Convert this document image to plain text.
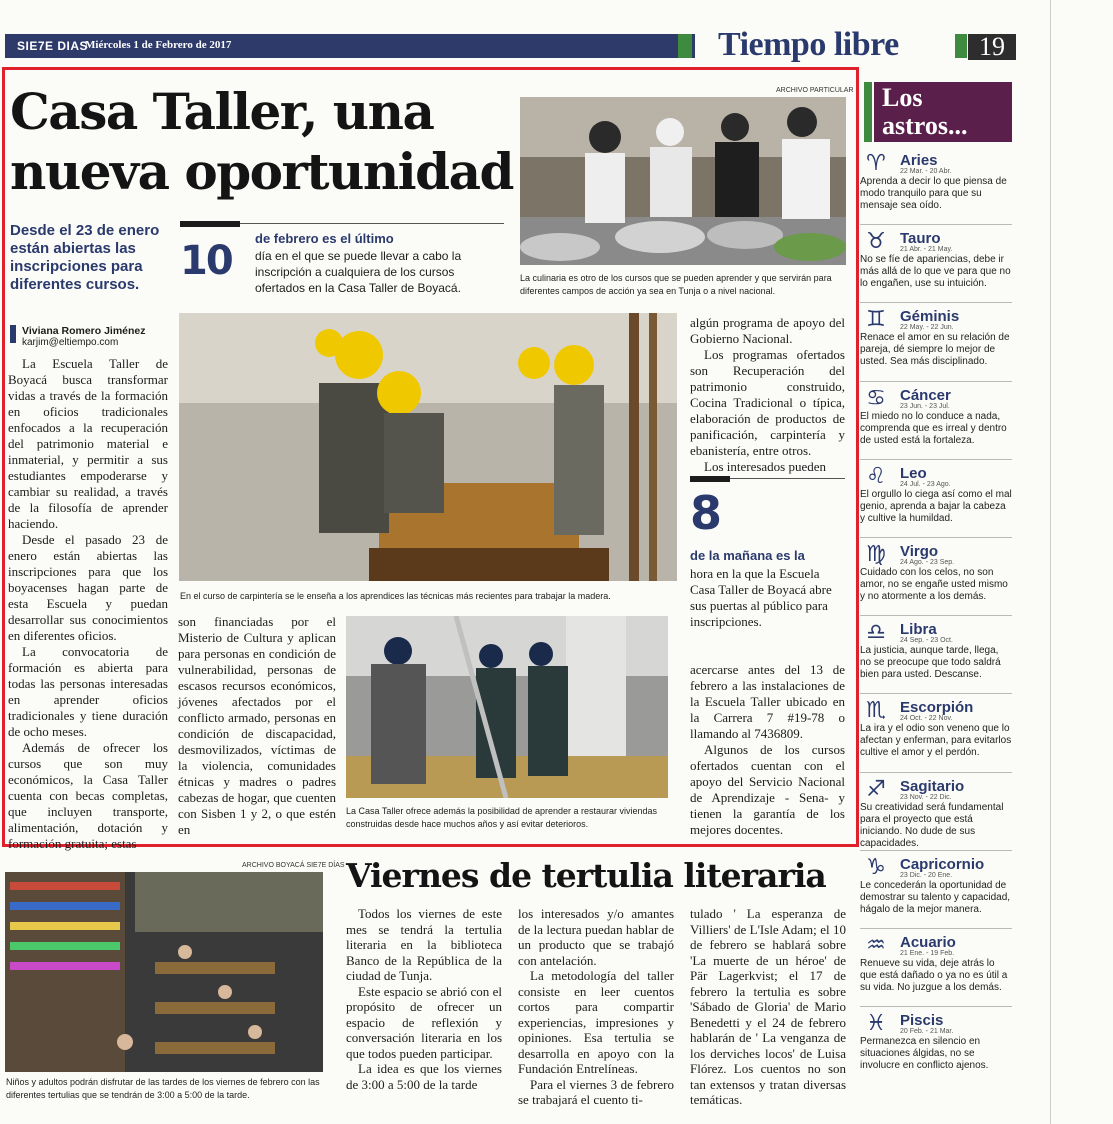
SIE7E DIAS
Miércoles 1 de Febrero de 2017	Tiempo libre	19
Casa Taller, una nueva oportunidad
Desde el 23 de enero están abiertas las inscripciones para diferentes cursos.
Viviana Romero Jiménez
karjim@eltiempo.com
10 de febrero es el último
día en el que se puede llevar a cabo la inscripción a cualquiera de los cursos ofertados en la Casa Taller de Boyacá.
ARCHIVO PARTICULAR
La culinaria es otro de los cursos que se pueden aprender y que servirán para diferentes campos de acción ya sea en Tunja o a nivel nacional.
En el curso de carpintería se le enseña a los aprendices las técnicas más recientes para trabajar la madera.
La Casa Taller ofrece además la posibilidad de aprender a restaurar viviendas construidas desde hace muchos años y así evitar deterioros.

La Escuela Taller de Boyacá busca transformar vidas a través de la formación en oficios tradicionales enfocados a la recuperación del patrimonio material e inmaterial, y permitir a sus estudiantes empoderarse y cambiar su realidad, a través de la filosofía de aprender haciendo.

Desde el pasado 23 de enero están abiertas las inscripciones para que los boyacenses hagan parte de esta Escuela y puedan desarrollar sus conocimientos en diferentes oficios.

La convocatoria de formación es abierta para todas las personas interesadas en aprender oficios tradicionales y tiene duración de ocho meses.

Además de ofrecer los cursos que son muy económicos, la Casa Taller cuenta con becas completas, que incluyen transporte, alimentación, dotación y formación gratuita; estas

son financiadas por el Misterio de Cultura y aplican para personas en condición de vulnerabilidad, personas de escasos recursos económicos, jóvenes afectados por el conflicto armado, personas en condición de discapacidad, desmovilizados, víctimas de la violencia, comunidades étnicas y madres o padres cabezas de hogar, que cuenten con Sisben 1 y 2, o que estén en

algún programa de apoyo del Gobierno Nacional.

Los programas ofertados son Recuperación del patrimonio construido, Cocina Tradicional o típica, elaboración de productos de panificación, carpintería y ebanistería, entre otros.

Los interesados pueden

8
de la mañana es la
hora en la que la Escuela Casa Taller de Boyacá abre sus puertas al público para inscripciones.

acercarse antes del 13 de febrero a las instalaciones de la Escuela Taller ubicado en la Carrera 7 #19-78 o llamando al 7436809.

Algunos de los cursos ofertados cuentan con el apoyo del Servicio Nacional de Aprendizaje - Sena- y tienen la garantía de los mejores docentes.

Los
astros...
♈ Aries
22 Mar. - 20 Abr.
Aprenda a decir lo que piensa de modo tranquilo para que su mensaje sea oído.
♉ Tauro
21 Abr. - 21 May.
No se fíe de apariencias, debe ir más allá de lo que ve para que no lo engañen, use su intuición.
♊ Géminis
22 May. - 22 Jun.
Renace el amor en su relación de pareja, dé siempre lo mejor de usted. Sea más disciplinado.
♋ Cáncer
23 Jun. - 23 Jul.
El miedo no lo conduce a nada, comprenda que es irreal y dentro de usted está la fortaleza.
♌ Leo
24 Jul. - 23 Ago.
El orgullo lo ciega así como el mal genio, aprenda a bajar la cabeza y cultive la humildad.
♍ Virgo
24 Ago. - 23 Sep.
Cuidado con los celos, no son amor, no se engañe usted mismo y no atormente a los demás.
♎ Libra
24 Sep. - 23 Oct.
La justicia, aunque tarde, llega, no se preocupe que todo saldrá bien para usted. Descanse.
♏ Escorpión
24 Oct. - 22 Nov.
La ira y el odio son veneno que lo afectan y enferman, para evitarlos cultive el amor y el perdón.
♐ Sagitario
23 Nov. - 22 Dic.
Su creatividad será fundamental para el proyecto que está iniciando. No dude de sus capacidades.
♑ Capricornio
23 Dic. - 20 Ene.
Le concederán la oportunidad de demostrar su talento y capacidad, hágalo de la mejor manera.
♒ Acuario
21 Ene. - 19 Feb.
Renueve su vida, deje atrás lo que está dañado o ya no es útil a su vida. No juzgue a los demás.
♓ Piscis
20 Feb. - 21 Mar.
Permanezca en silencio en situaciones álgidas, no se involucre en conflicto ajenos.
ARCHIVO BOYACÁ SIE7E DÍAS
Niños y adultos podrán disfrutar de las tardes de los viernes de febrero con las diferentes tertulias que se tendrán de 3:00 a 5:00 de la tarde.
Viernes de tertulia literaria

Todos los viernes de este mes se tendrá la tertulia literaria en la biblioteca Banco de la República de la ciudad de Tunja.

Este espacio se abrió con el propósito de ofrecer un espacio de reflexión y conversación literaria en los que todos pueden participar.

La idea es que los viernes de 3:00 a 5:00 de la tarde

los interesados y/o amantes de la lectura puedan hablar de un producto que se trabajó con antelación.

La metodología del taller consiste en leer cuentos cortos para compartir experiencias, impresiones y opiniones. Esa tertulia se desarrolla en apoyo con la Fundación Entrelíneas.

Para el viernes 3 de febrero se trabajará el cuento ti-

tulado ' La esperanza de Villiers' de L'Isle Adam; el 10 de febrero se hablará sobre 'La muerte de un héroe' de Pär Lagerkvist; el 17 de febrero la tertulia es sobre 'Sábado de Gloria' de Mario Benedetti y el 24 de febrero hablarán de ' La venganza de los derviches locos' de Luisa Flórez. Los cuentos no son tan extensos y tratan diversas temáticas.
